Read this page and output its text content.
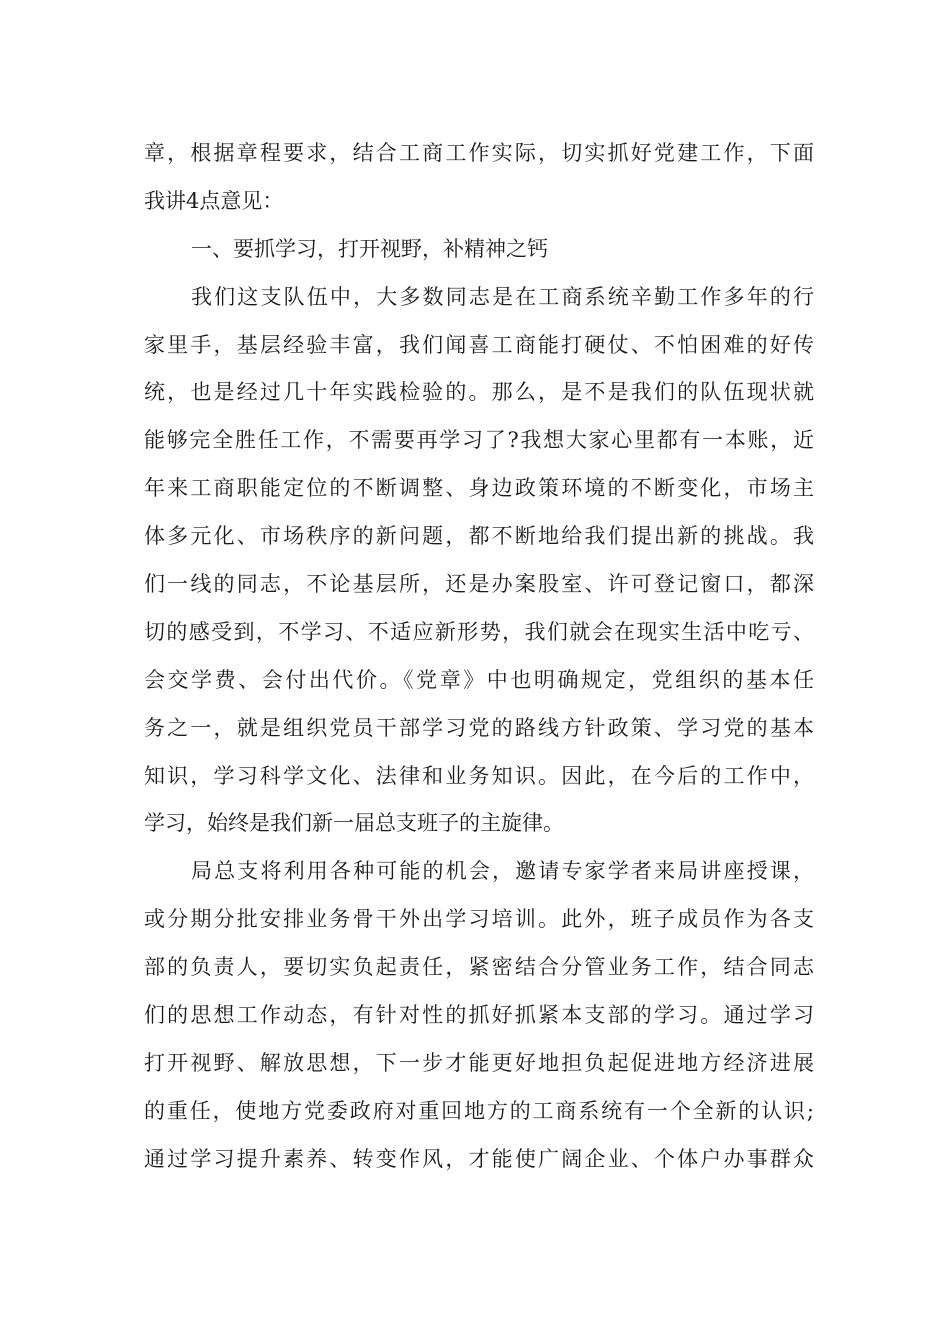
章，根据章程要求，结合工商工作实际，切实抓好党建工作，下面
我讲4点意见：
一、要抓学习，打开视野，补精神之钙
我们这支队伍中，大多数同志是在工商系统辛勤工作多年的行
家里手，基层经验丰富，我们闻喜工商能打硬仗、不怕困难的好传
统，也是经过几十年实践检验的。那么，是不是我们的队伍现状就
能够完全胜任工作，不需要再学习了?我想大家心里都有一本账，近
年来工商职能定位的不断调整、身边政策环境的不断变化，市场主
体多元化、市场秩序的新问题，都不断地给我们提出新的挑战。我
们一线的同志，不论基层所，还是办案股室、许可登记窗口，都深
切的感受到，不学习、不适应新形势，我们就会在现实生活中吃亏、
会交学费、会付出代价。《党章》中也明确规定，党组织的基本任
务之一，就是组织党员干部学习党的路线方针政策、学习党的基本
知识，学习科学文化、法律和业务知识。因此，在今后的工作中，
学习，始终是我们新一届总支班子的主旋律。
局总支将利用各种可能的机会，邀请专家学者来局讲座授课，
或分期分批安排业务骨干外出学习培训。此外，班子成员作为各支
部的负责人，要切实负起责任，紧密结合分管业务工作，结合同志
们的思想工作动态，有针对性的抓好抓紧本支部的学习。通过学习
打开视野、解放思想，下一步才能更好地担负起促进地方经济进展
的重任，使地方党委政府对重回地方的工商系统有一个全新的认识;
通过学习提升素养、转变作风，才能使广阔企业、个体户办事群众
